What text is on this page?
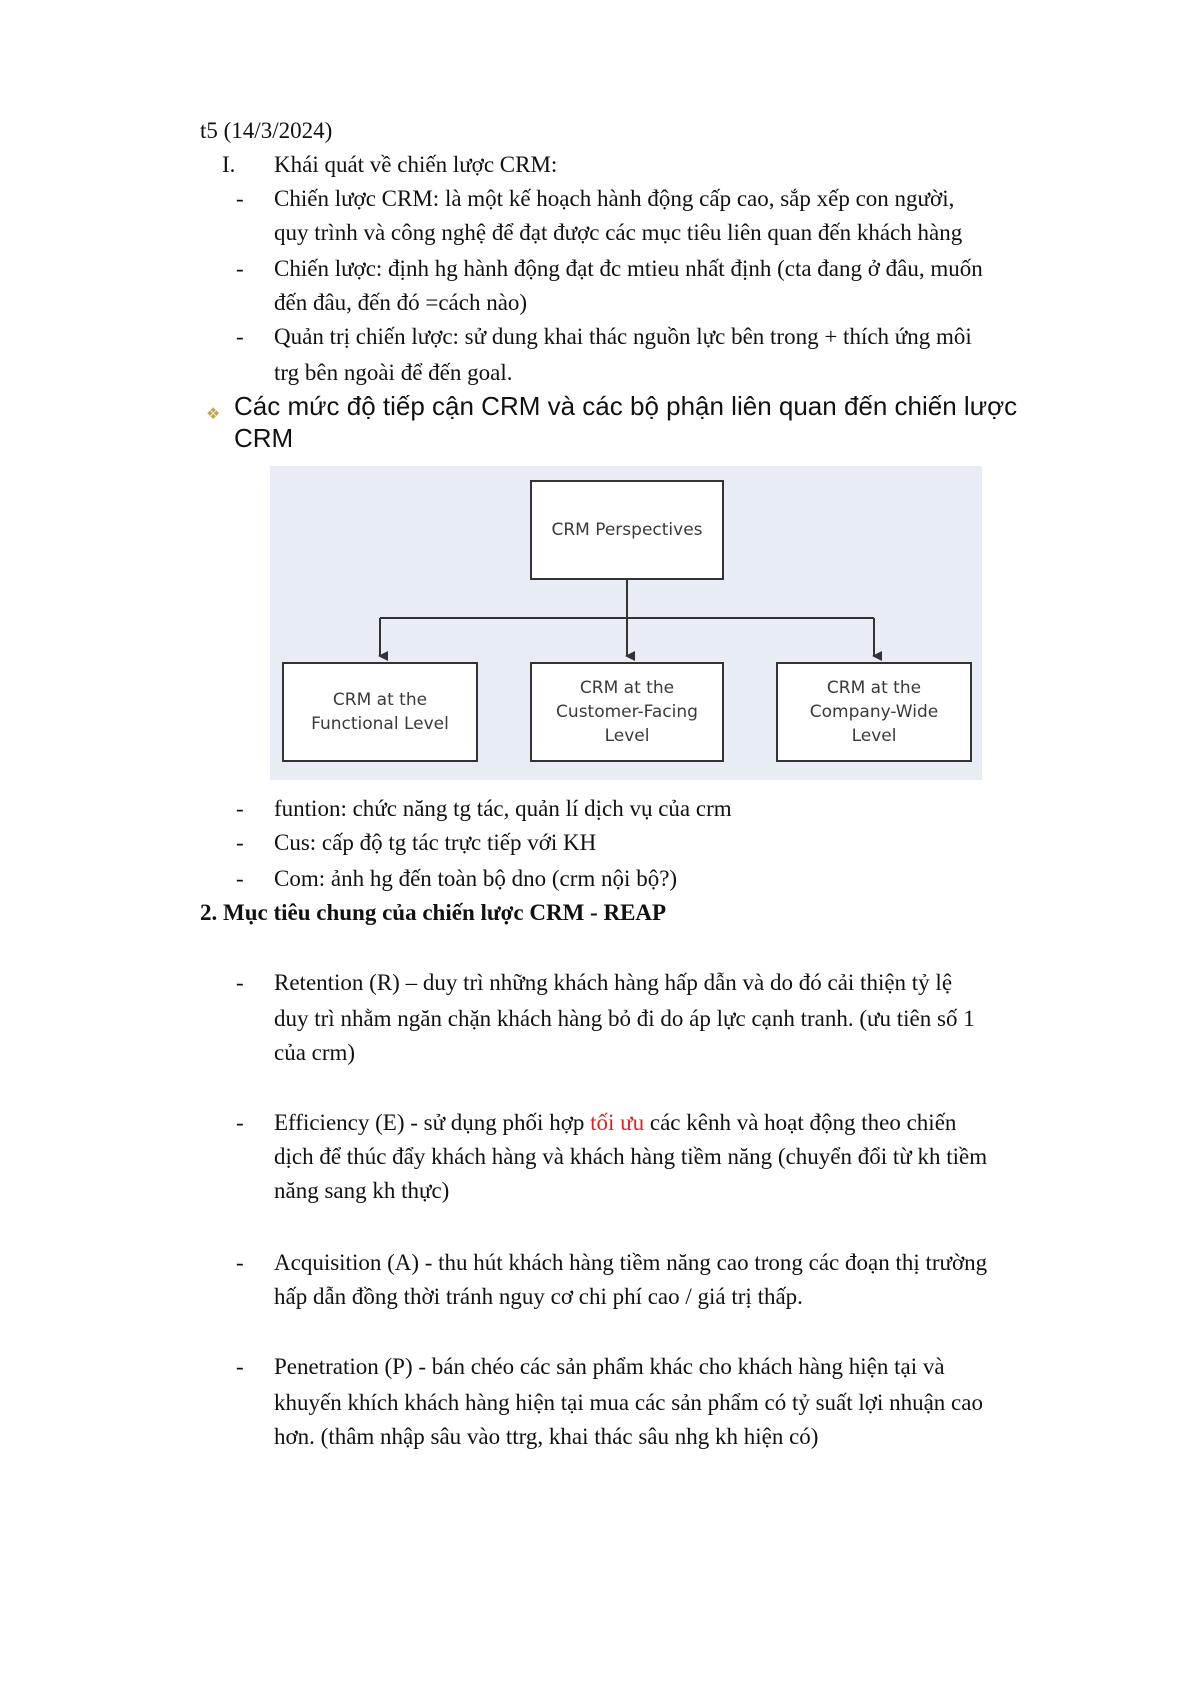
t5 (14/3/2024)
I. Khái quát về chiến lược CRM:
- Chiến lược CRM: là một kế hoạch hành động cấp cao, sắp xếp con người,
quy trình và công nghệ để đạt được các mục tiêu liên quan đến khách hàng
- Chiến lược: định hg hành động đạt đc mtieu nhất định (cta đang ở đâu, muốn
đến đâu, đến đó =cách nào)
- Quản trị chiến lược: sử dung khai thác nguồn lực bên trong + thích ứng môi
trg bên ngoài để đến goal.
❖ Các mức độ tiếp cận CRM và các bộ phận liên quan đến chiến lược
CRM
CRM Perspectives
CRM at the
Functional Level
CRM at the
Customer-Facing
Level
CRM at the
Company-Wide
Level
- funtion: chức năng tg tác, quản lí dịch vụ của crm
- Cus: cấp độ tg tác trực tiếp với KH
- Com: ảnh hg đến toàn bộ dno (crm nội bộ?)
2. Mục tiêu chung của chiến lược CRM - REAP
- Retention (R) – duy trì những khách hàng hấp dẫn và do đó cải thiện tỷ lệ
duy trì nhằm ngăn chặn khách hàng bỏ đi do áp lực cạnh tranh. (ưu tiên số 1
của crm)
- Efficiency (E) - sử dụng phối hợp tối ưu các kênh và hoạt động theo chiến
dịch để thúc đẩy khách hàng và khách hàng tiềm năng (chuyển đổi từ kh tiềm
năng sang kh thực)
- Acquisition (A) - thu hút khách hàng tiềm năng cao trong các đoạn thị trường
hấp dẫn đồng thời tránh nguy cơ chi phí cao / giá trị thấp.
- Penetration (P) - bán chéo các sản phẩm khác cho khách hàng hiện tại và
khuyến khích khách hàng hiện tại mua các sản phẩm có tỷ suất lợi nhuận cao
hơn. (thâm nhập sâu vào ttrg, khai thác sâu nhg kh hiện có)
